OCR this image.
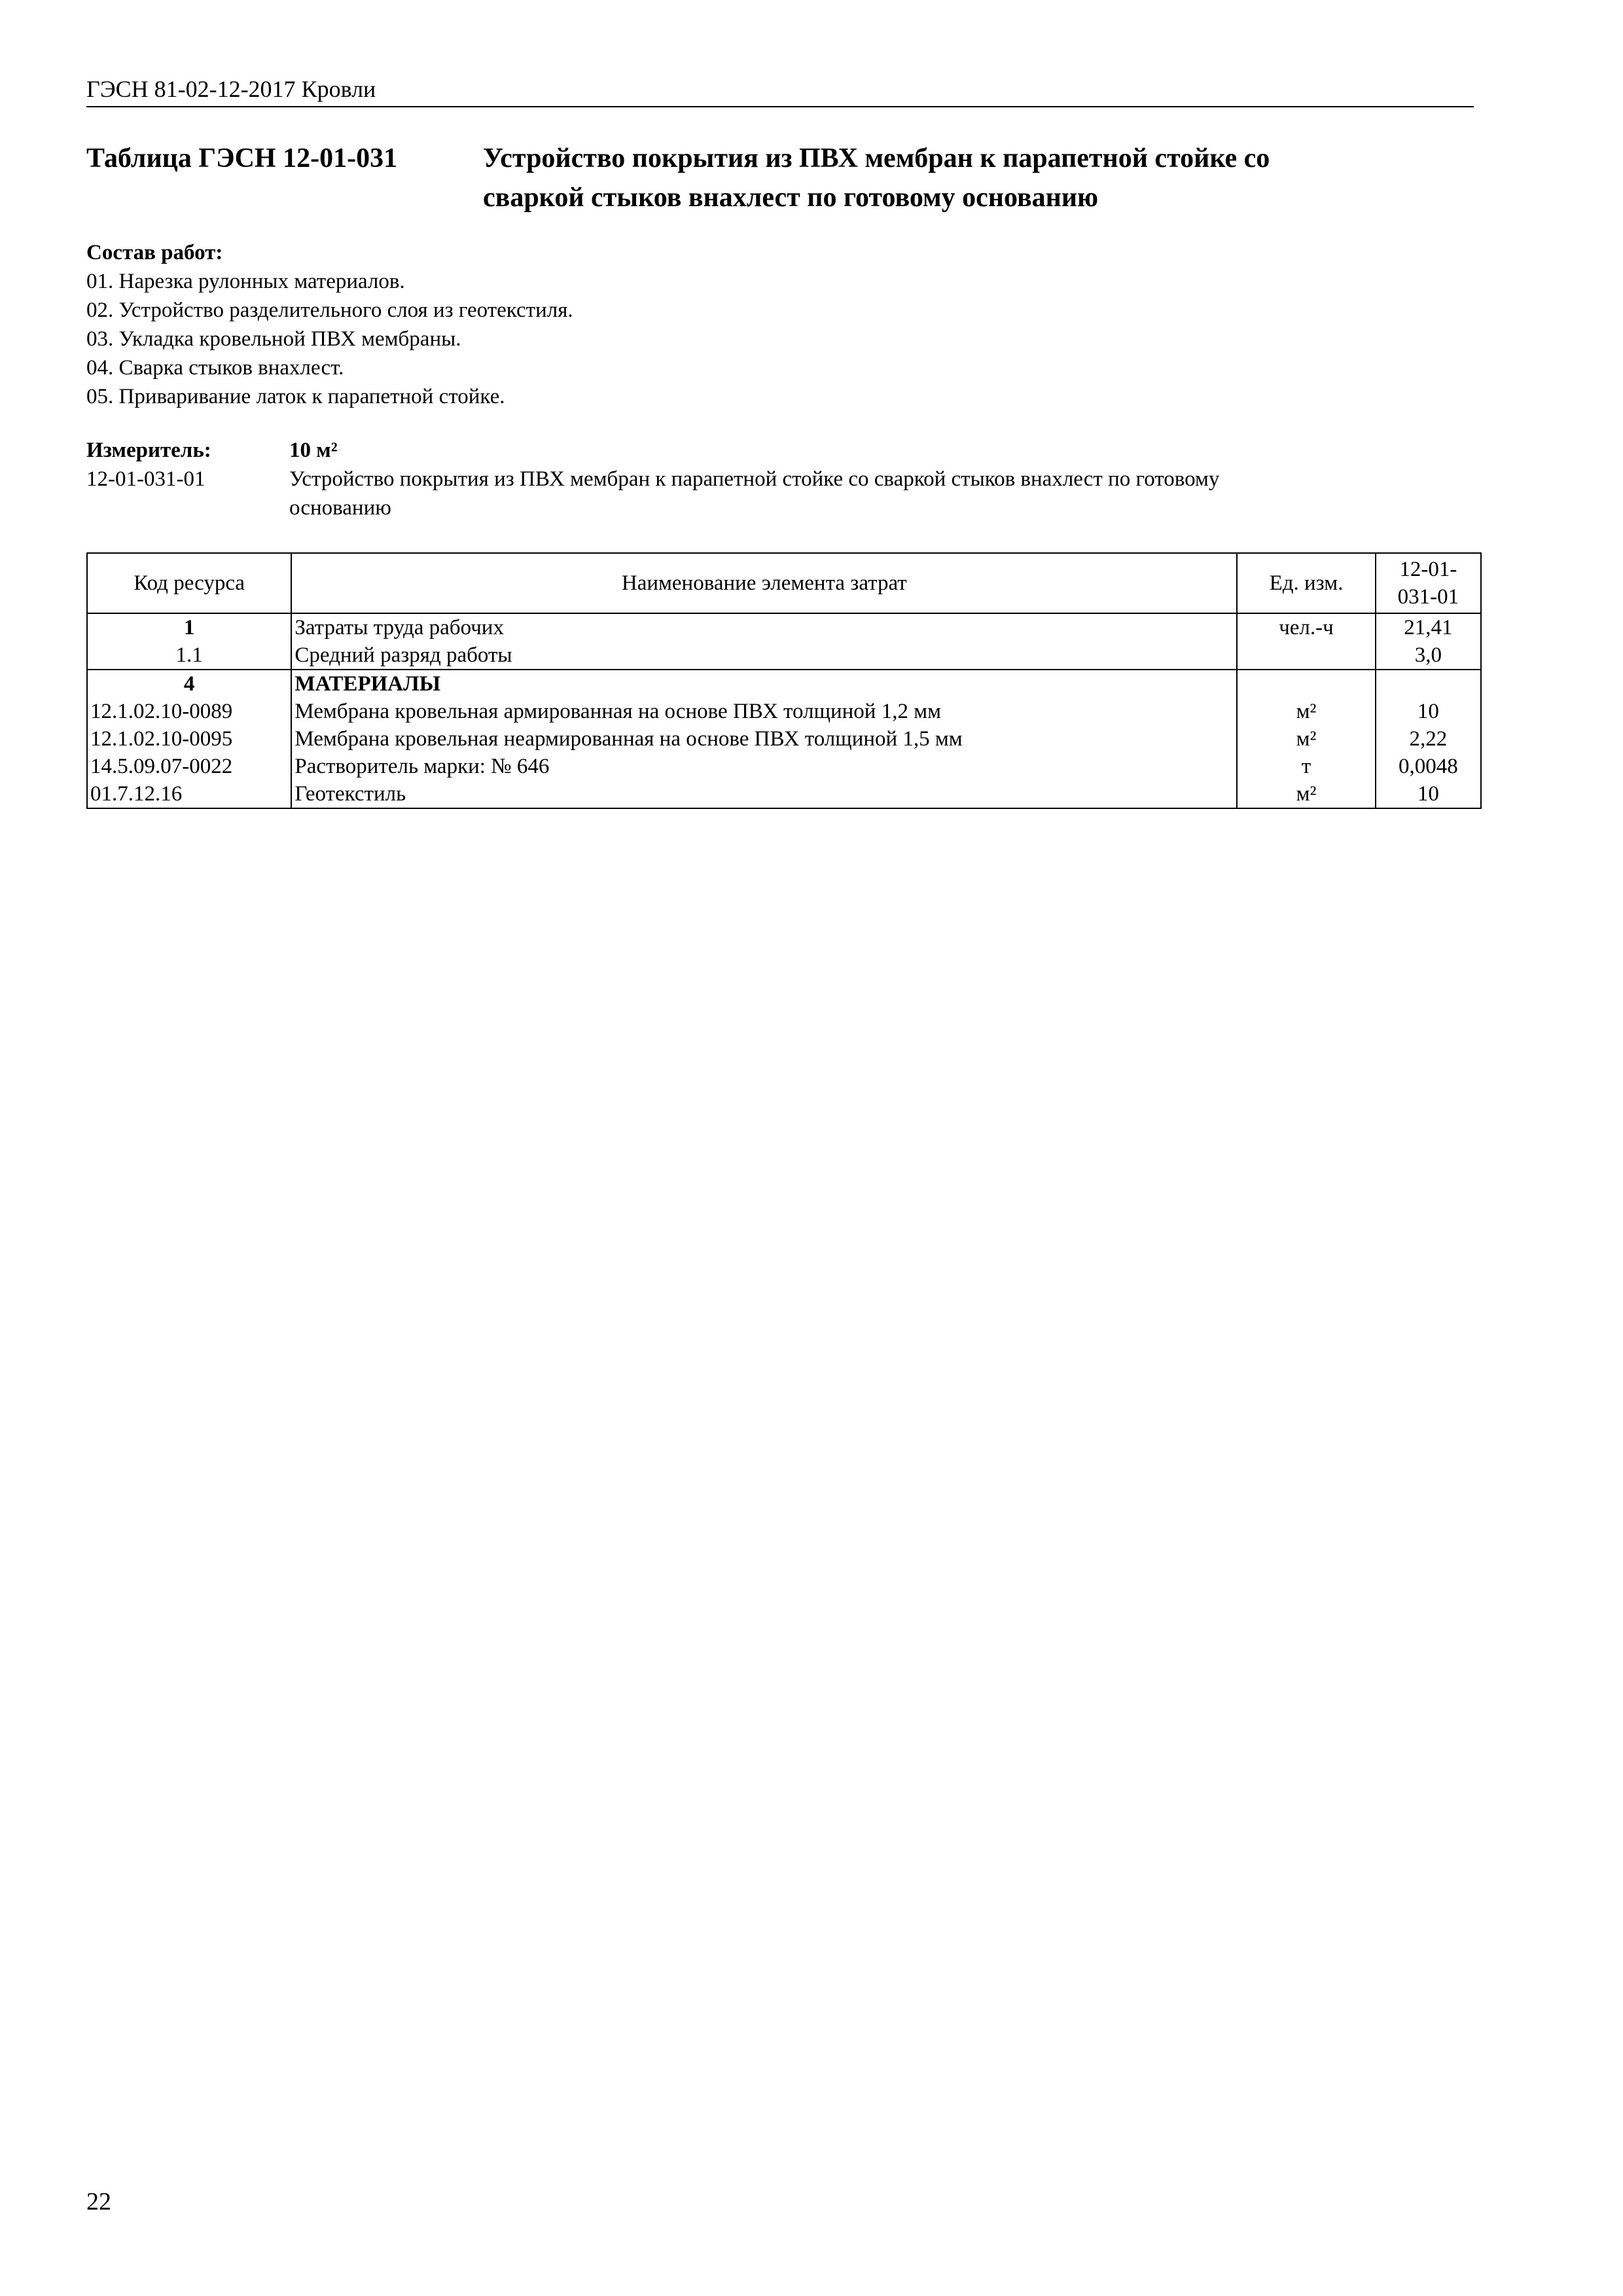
ГЭСН 81-02-12-2017 Кровли
Таблица ГЭСН 12-01-031	Устройство покрытия из ПВХ мембран к парапетной стойке со
сваркой стыков внахлест по готовому основанию
Состав работ:
01. Нарезка рулонных материалов.
02. Устройство разделительного слоя из геотекстиля.
03. Укладка кровельной ПВХ мембраны.
04. Сварка стыков внахлест.
05. Приваривание латок к парапетной стойке.
Измеритель:	10 м²
12-01-031-01	Устройство покрытия из ПВХ мембран к парапетной стойке со сваркой стыков внахлест по готовому
основанию
Код ресурса	Наименование элемента затрат	Ед. изм.	12-01-
031-01

1	Затраты труда рабочих	чел.-ч	21,41
1.1	Средний разряд работы		3,0
4	МАТЕРИАЛЫ		
12.1.02.10-0089	Мембрана кровельная армированная на основе ПВХ толщиной 1,2 мм	м²	10
12.1.02.10-0095	Мембрана кровельная неармированная на основе ПВХ толщиной 1,5 мм	м²	2,22
14.5.09.07-0022	Растворитель марки: № 646	т	0,0048
01.7.12.16	Геотекстиль	м²	10
22
